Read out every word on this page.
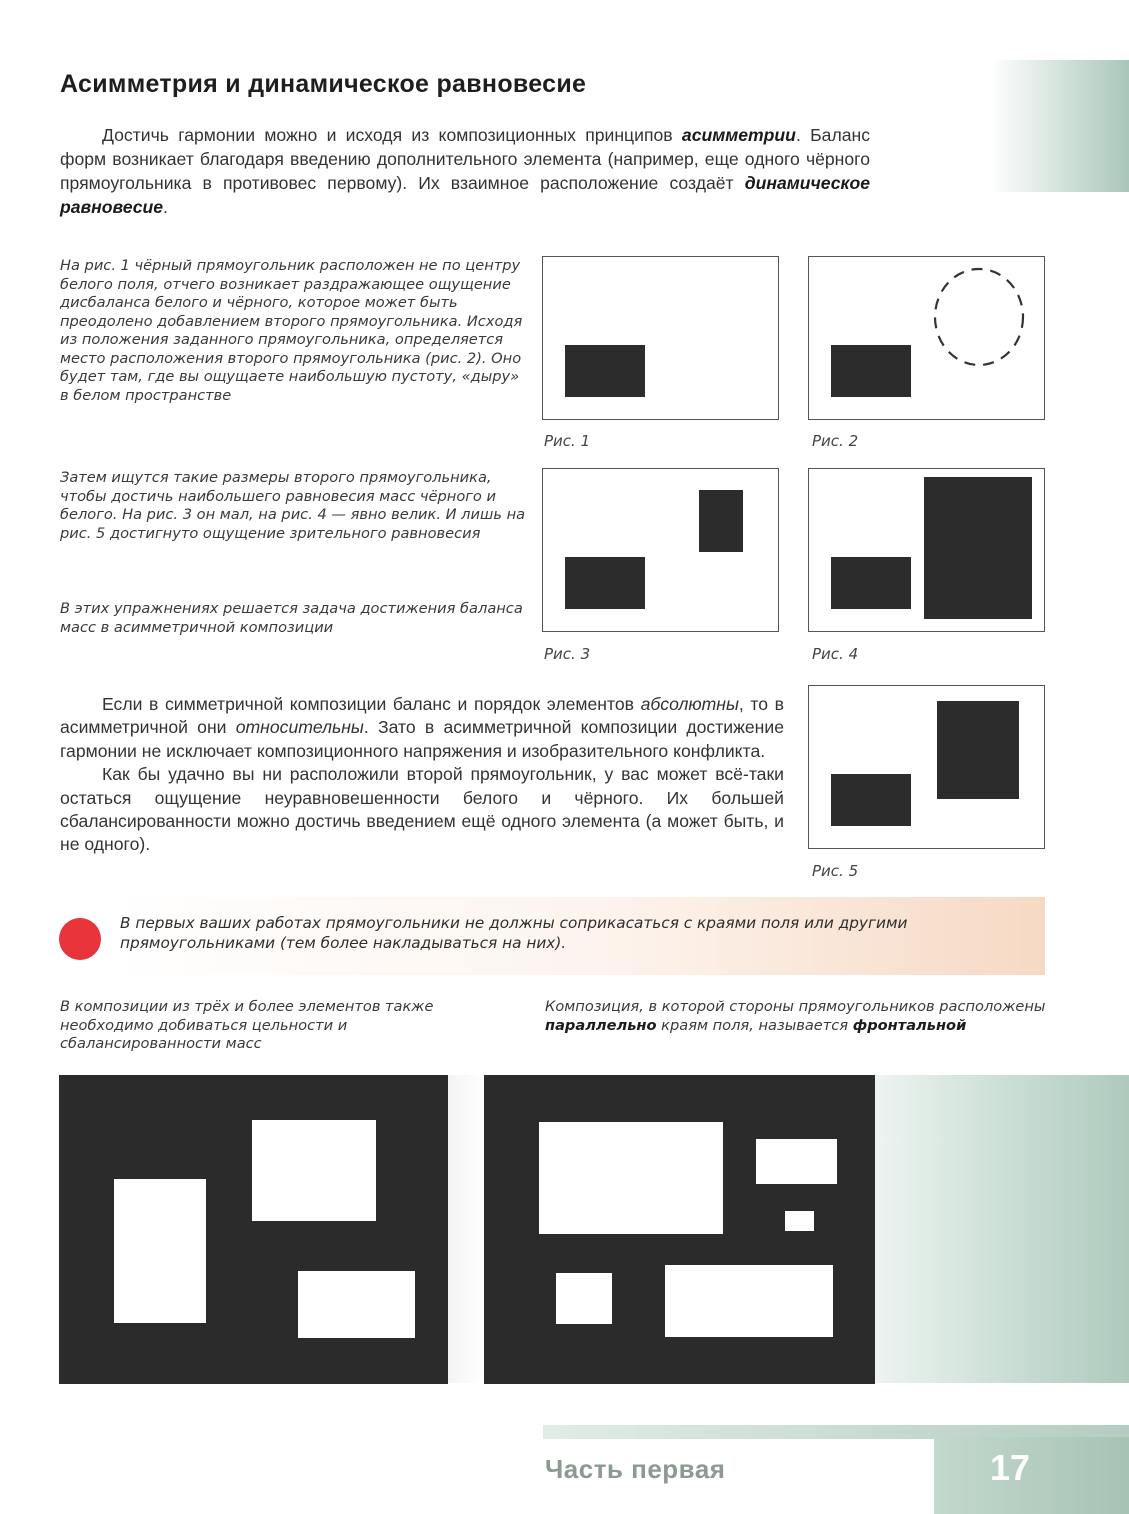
Асимметрия и динамическое равновесие
Достичь гармонии можно и исходя из композиционных принципов асимметрии. Баланс форм возникает благодаря введению дополнительного элемента (например, еще одного чёрного прямоугольника в противовес первому). Их взаимное расположение создаёт динамическое равновесие.
На рис. 1 чёрный прямоугольник расположен не по центру белого поля, отчего возникает раздражающее ощущение дисбаланса белого и чёрного, которое может быть преодолено добавлением второго прямоугольника. Исходя из положения заданного прямоугольника, определяется место расположения второго прямоугольника (рис. 2). Оно будет там, где вы ощущаете наибольшую пустоту, «дыру» в белом пространстве
Затем ищутся такие размеры второго прямоугольника, чтобы достичь наибольшего равновесия масс чёрного и белого. На рис. 3 он мал, на рис. 4 — явно велик. И лишь на рис. 5 достигнуто ощущение зрительного равновесия
В этих упражнениях решается задача достижения баланса масс в асимметричной композиции
Рис. 1	Рис. 2
Рис. 3	Рис. 4
Рис. 5

Если в симметричной композиции баланс и порядок элементов абсолютны, то в асимметричной они относительны. Зато в асимметричной композиции достижение гармонии не исключает композиционного напряжения и изобразительного конфликта.

Как бы удачно вы ни расположили второй прямоугольник, у вас может всё-таки остаться ощущение неуравновешенности белого и чёрного. Их большей сбалансированности можно достичь введением ещё одного элемента (а может быть, и не одного).

В первых ваших работах прямоугольники не должны соприкасаться с краями поля или другими прямоугольниками (тем более накладываться на них).
В композиции из трёх и более элементов также необходимо добиваться цельности и сбалансированности масс
Композиция, в которой стороны прямоугольников расположены параллельно краям поля, называется фронтальной
Часть первая	17
